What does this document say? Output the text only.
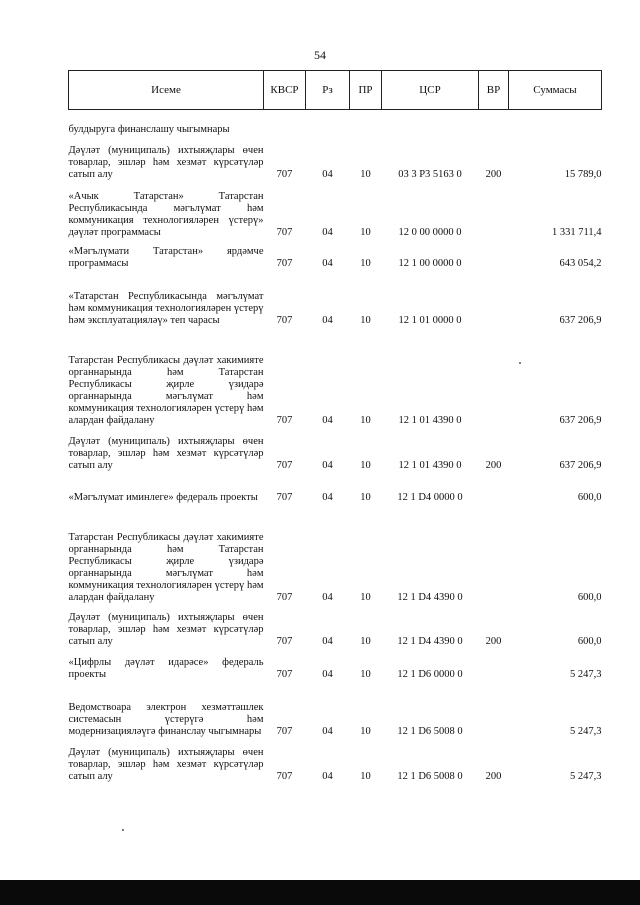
54
Исеме	КВСР	Рз	ПР	ЦСР	ВР	Суммасы
булдыруга финанслашу чыгымнары						
Дәүләт (муниципаль) ихтыяҗлары өчен товарлар, эшләр һәм хезмәт күрсәтүләр сатып алу	707	04	10	03 3 P3 5163 0	200	15 789,0
«Ачык Татарстан» Татарстан Республикасында мәгълүмат һәм коммуникация технологияләрен үстерү» дәүләт программасы	707	04	10	12 0 00 0000 0		1 331 711,4
«Мәгълүмати Татарстан» ярдәмче программасы	707	04	10	12 1 00 0000 0		643 054,2
«Татарстан Республикасында мәгълүмат һәм коммуникация технологияләрен үстерү һәм эксплуатацияләү» теп чарасы	707	04	10	12 1 01 0000 0		637 206,9
Татарстан Республикасы дәүләт хакимияте органнарында һәм Татарстан Республикасы җирле үзидарә органнарында мәгълүмат һәм коммуникация технологияләрен үстерү һәм алардан файдалану	707	04	10	12 1 01 4390 0		637 206,9
Дәүләт (муниципаль) ихтыяҗлары өчен товарлар, эшләр һәм хезмәт күрсәтүләр сатып алу	707	04	10	12 1 01 4390 0	200	637 206,9
«Мәгълүмат иминлеге» федераль проекты	707	04	10	12 1 D4 0000 0		600,0
Татарстан Республикасы дәүләт хакимияте органнарында һәм Татарстан Республикасы җирле үзидарә органнарында мәгълүмат һәм коммуникация технологияләрен үстерү һәм алардан файдалану	707	04	10	12 1 D4 4390 0		600,0
Дәүләт (муниципаль) ихтыяҗлары өчен товарлар, эшләр һәм хезмәт күрсәтүләр сатып алу	707	04	10	12 1 D4 4390 0	200	600,0
«Цифрлы дәүләт идарәсе» федераль проекты	707	04	10	12 1 D6 0000 0		5 247,3
Ведомствоара электрон хезмәттәшлек системасын үстерүгә һәм модернизацияләүгә финанслау чыгымнары	707	04	10	12 1 D6 5008 0		5 247,3
Дәүләт (муниципаль) ихтыяҗлары өчен товарлар, эшләр һәм хезмәт күрсәтүләр сатып алу	707	04	10	12 1 D6 5008 0	200	5 247,3
